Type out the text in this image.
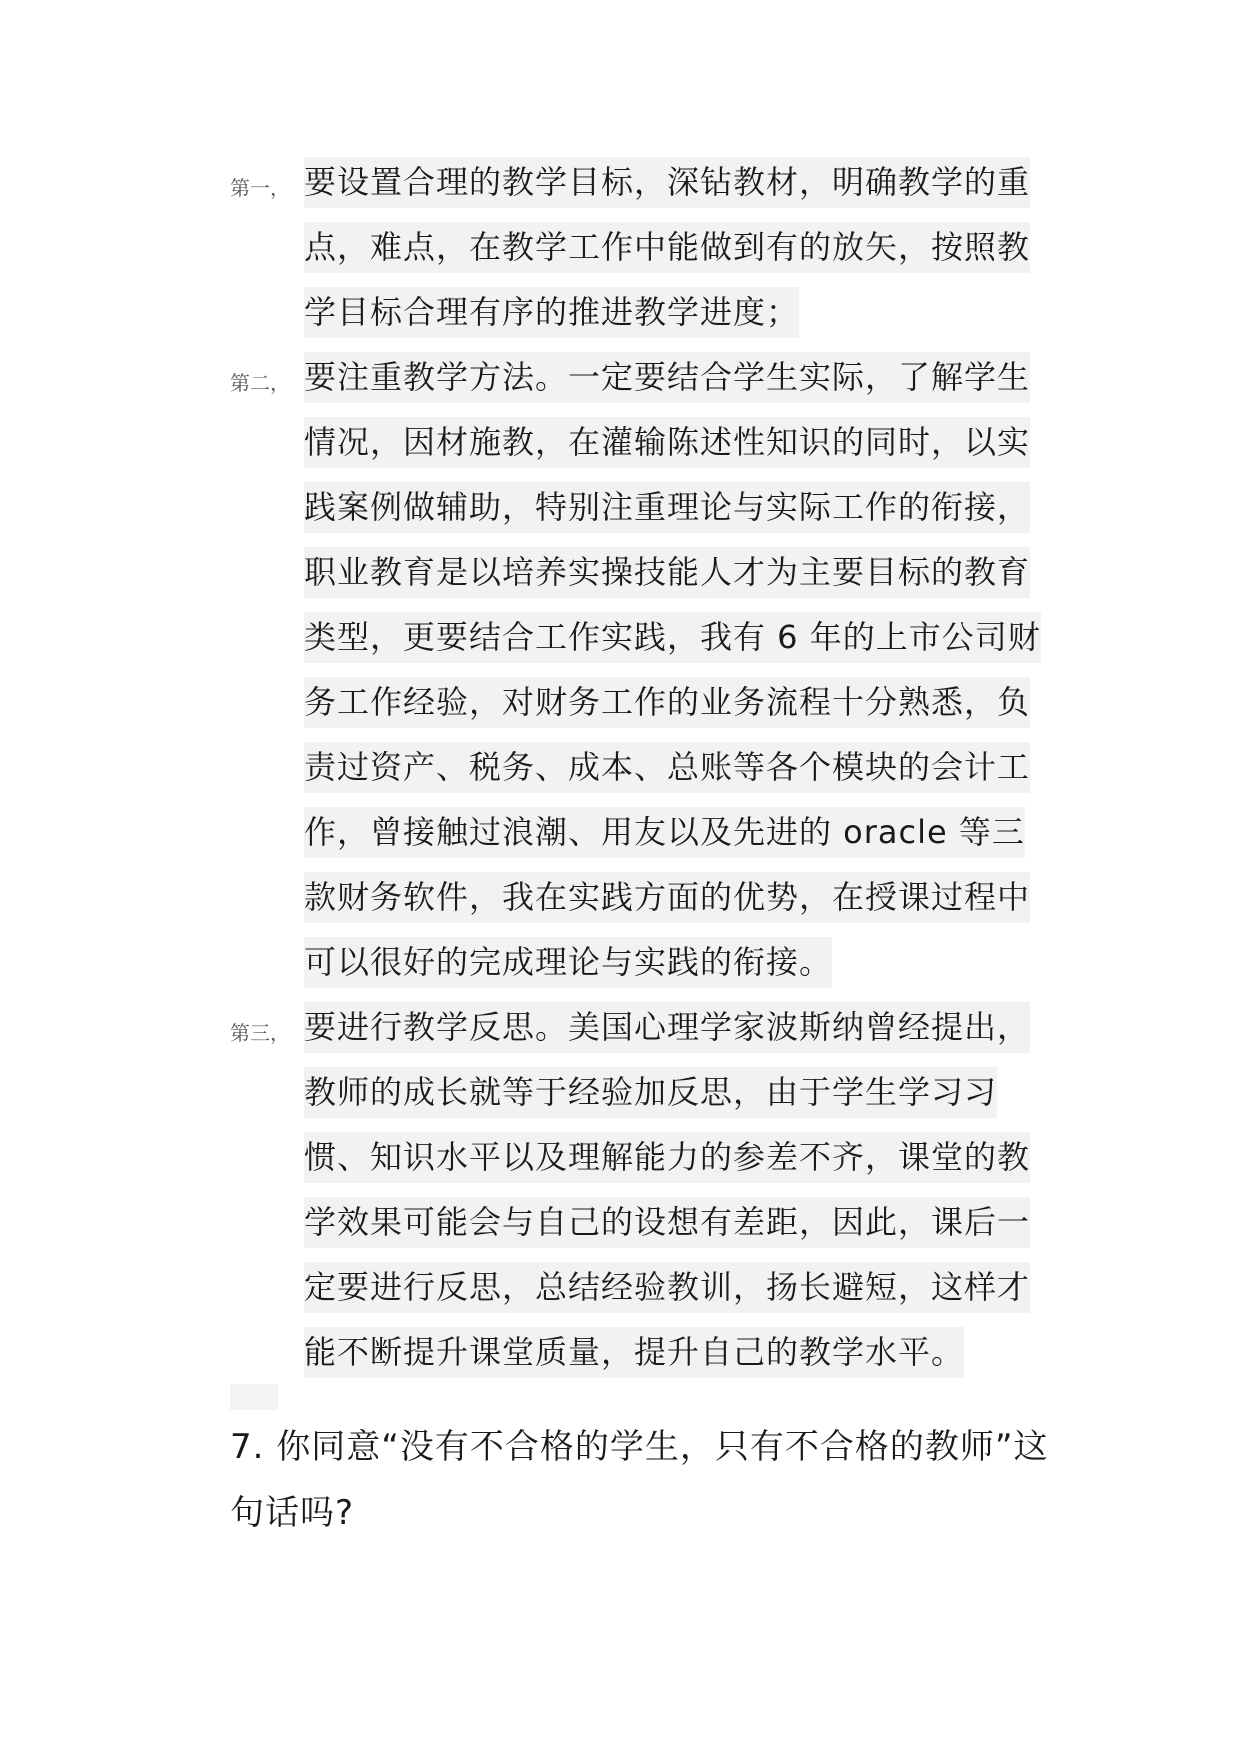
第一， 要设置合理的教学目标，深钻教材，明确教学的重点，难点，在教学工作中能做到有的放矢，按照教学目标合理有序的推进教学进度；
第二， 要注重教学方法。一定要结合学生实际，了解学生情况，因材施教，在灌输陈述性知识的同时，以实践案例做辅助，特别注重理论与实际工作的衔接，职业教育是以培养实操技能人才为主要目标的教育类型，更要结合工作实践，我有 6 年的上市公司财务工作经验，对财务工作的业务流程十分熟悉，负责过资产、税务、成本、总账等各个模块的会计工作，曾接触过浪潮、用友以及先进的 oracle 等三款财务软件，我在实践方面的优势，在授课过程中可以很好的完成理论与实践的衔接。
第三， 要进行教学反思。美国心理学家波斯纳曾经提出，教师的成长就等于经验加反思，由于学生学习习惯、知识水平以及理解能力的参差不齐，课堂的教学效果可能会与自己的设想有差距，因此，课后一定要进行反思，总结经验教训，扬长避短，这样才能不断提升课堂质量，提升自己的教学水平。
7. 你同意“没有不合格的学生，只有不合格的教师”这句话吗?
